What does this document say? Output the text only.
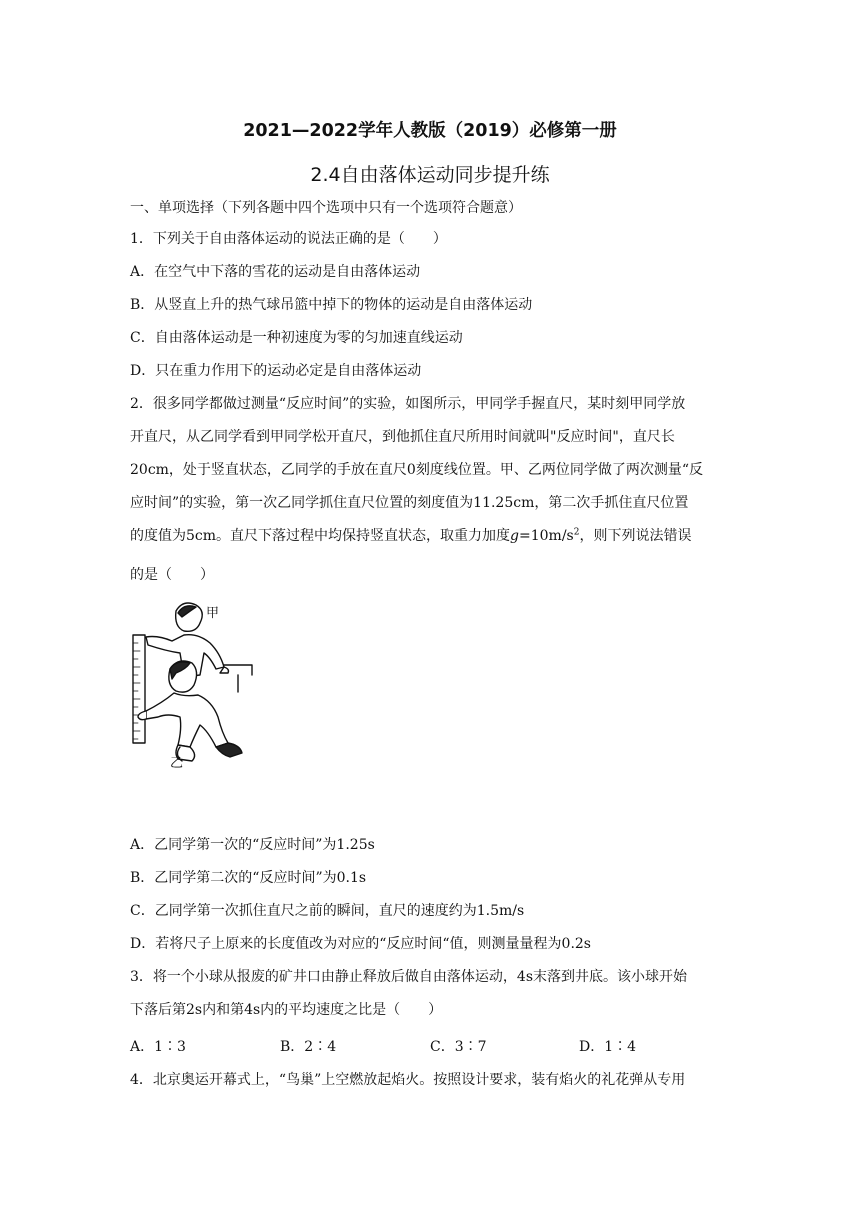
2021—2022学年人教版（2019）必修第一册
2.4自由落体运动同步提升练
一、单项选择（下列各题中四个选项中只有一个选项符合题意）
1．下列关于自由落体运动的说法正确的是（　　）
A．在空气中下落的雪花的运动是自由落体运动
B．从竖直上升的热气球吊篮中掉下的物体的运动是自由落体运动
C．自由落体运动是一种初速度为零的匀加速直线运动
D．只在重力作用下的运动必定是自由落体运动
2．很多同学都做过测量“反应时间”的实验，如图所示，甲同学手握直尺，某时刻甲同学放
开直尺，从乙同学看到甲同学松开直尺，到他抓住直尺所用时间就叫"反应时间"，直尺长
20cm，处于竖直状态，乙同学的手放在直尺0刻度线位置。甲、乙两位同学做了两次测量“反
应时间”的实验，第一次乙同学抓住直尺位置的刻度值为11.25cm，第二次手抓住直尺位置
的度值为5cm。直尺下落过程中均保持竖直状态，取重力加度$g=10m/s^2$，则下列说法错误
的是（　　）
甲
乙
A．乙同学第一次的“反应时间”为1.25s
B．乙同学第二次的“反应时间”为0.1s
C．乙同学第一次抓住直尺之前的瞬间，直尺的速度约为1.5m/s
D．若将尺子上原来的长度值改为对应的“反应时间“值，则测量量程为0.2s
3．将一个小球从报废的矿井口由静止释放后做自由落体运动，4s末落到井底。该小球开始
下落后第2s内和第4s内的平均速度之比是（　　）
A．1∶3	B．2∶4	C．3∶7	D．1∶4
4．北京奥运开幕式上，“鸟巢”上空燃放起焰火。按照设计要求，装有焰火的礼花弹从专用
